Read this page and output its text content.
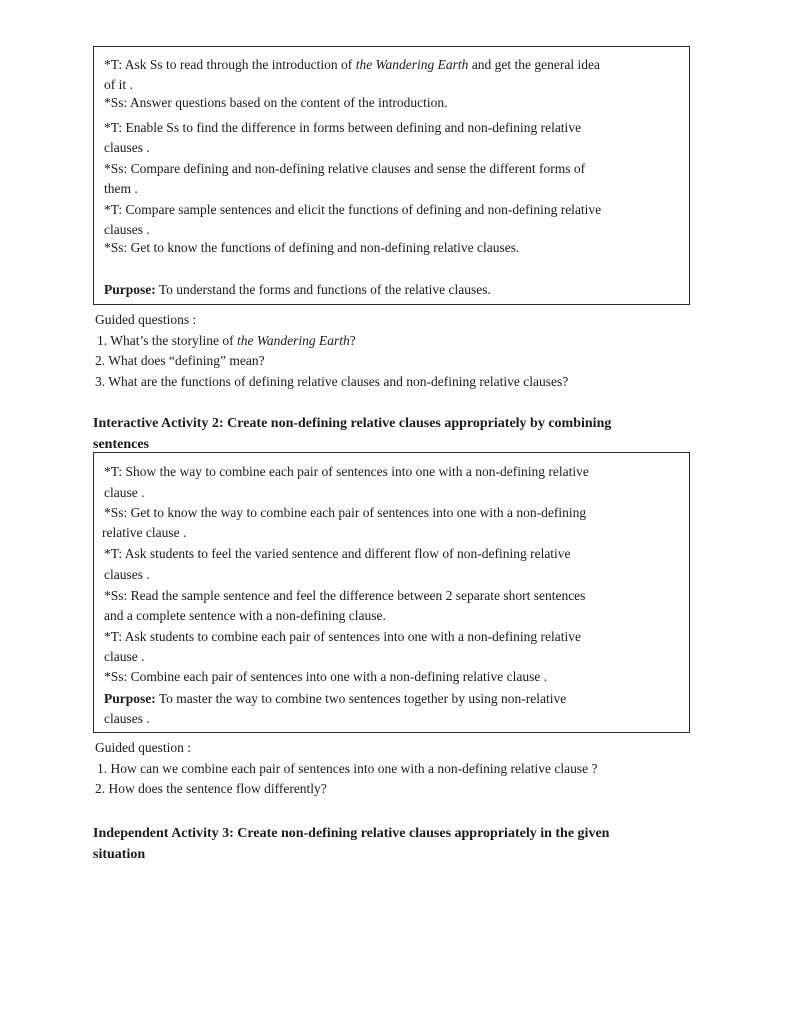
*T: Ask Ss to read through the introduction of the Wandering Earth and get the general idea
of it .
*Ss: Answer questions based on the content of the introduction.
*T: Enable Ss to find the difference in forms between defining and non-defining relative
clauses .
*Ss: Compare defining and non-defining relative clauses and sense the different forms of
them .
*T: Compare sample sentences and elicit the functions of defining and non-defining relative
clauses .
*Ss: Get to know the functions of defining and non-defining relative clauses.
Purpose: To understand the forms and functions of the relative clauses.
Guided questions :
1. What’s the storyline of the Wandering Earth?
2. What does “defining” mean?
3. What are the functions of defining relative clauses and non-defining relative clauses?
Interactive Activity 2: Create non-defining relative clauses appropriately by combining
sentences
*T: Show the way to combine each pair of sentences into one with a non-defining relative
clause .
*Ss: Get to know the way to combine each pair of sentences into one with a non-defining
relative clause .
*T: Ask students to feel the varied sentence and different flow of non-defining relative
clauses .
*Ss: Read the sample sentence and feel the difference between 2 separate short sentences
and a complete sentence with a non-defining clause.
*T: Ask students to combine each pair of sentences into one with a non-defining relative
clause .
*Ss: Combine each pair of sentences into one with a non-defining relative clause .
Purpose: To master the way to combine two sentences together by using non-relative
clauses .
Guided question :
1. How can we combine each pair of sentences into one with a non-defining relative clause ?
2. How does the sentence flow differently?
Independent Activity 3: Create non-defining relative clauses appropriately in the given
situation
